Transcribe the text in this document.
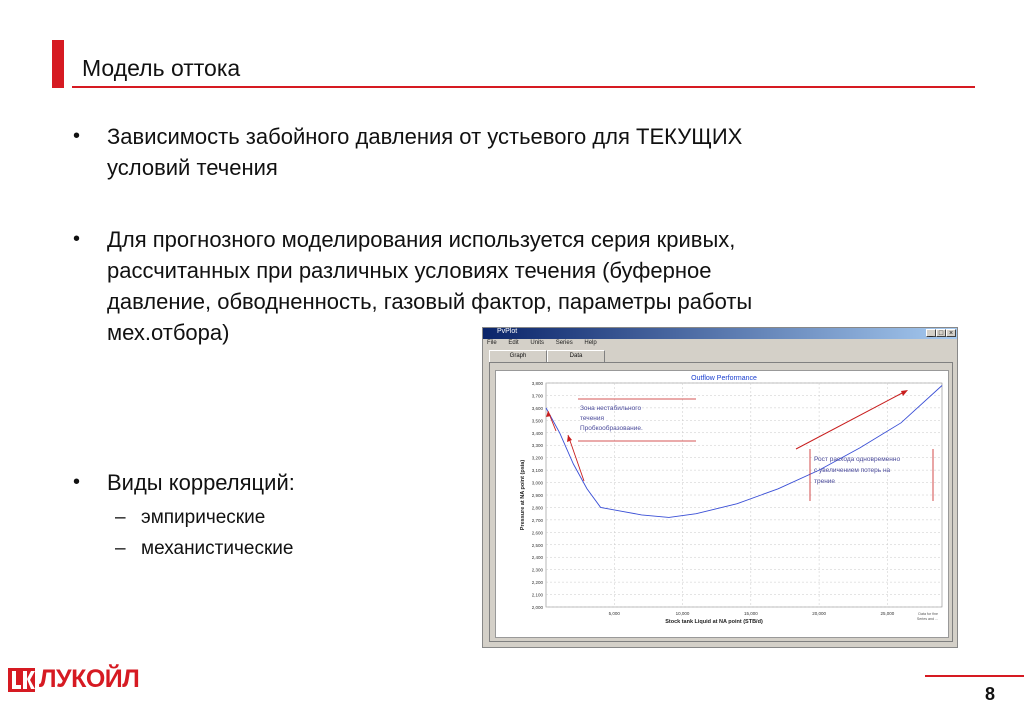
Модель оттока
• Зависимость забойного давления от устьевого для ТЕКУЩИХ
условий течения
• Для прогнозного моделирования используется серия кривых,
рассчитанных при различных условиях течения (буферное
давление, обводненность, газовый фактор, параметры работы
мех.отбора)
• Виды корреляций:
– эмпирические
– механистические
PvPlot	_ □ ×
File Edit Units Series Help
Graph	Data
3,800
3,700
3,600
3,500
3,400
3,300
3,200
3,100
3,000
2,900
2,800
2,700
2,600
2,500
2,400
2,300
2,200
2,100
2,000
5,000	10,000	15,000	20,000	25,000
Outflow Performance
Stock tank Liquid at NA point (STB/d)
Pressure at NA point (psia)
Зона нестабильного
течения
Пробкообразование.
Рост расхода одновременно
с увеличением потерь на
трение
Data for fine
Series and ...
ЛУКОЙЛ
8
